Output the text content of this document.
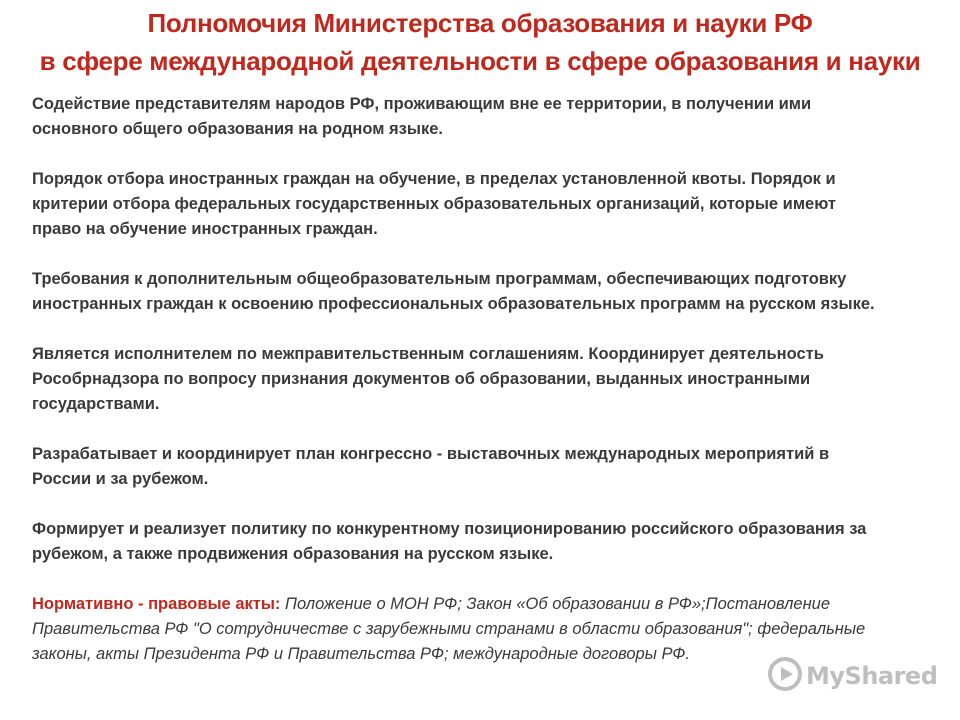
Полномочия Министерства образования и науки РФ
в сфере международной деятельности в сфере образования и науки
Содействие представителям народов РФ, проживающим вне ее территории, в получении ими
основного общего образования на родном языке.
Порядок отбора иностранных граждан на обучение, в пределах установленной квоты. Порядок и
критерии отбора федеральных государственных образовательных организаций, которые имеют
право на обучение иностранных граждан.
Требования к дополнительным общеобразовательным программам, обеспечивающих подготовку
иностранных граждан к освоению профессиональных образовательных программ на русском языке.
Является исполнителем по межправительственным соглашениям. Координирует деятельность
Рособрнадзора по вопросу признания документов об образовании, выданных иностранными
государствами.
Разрабатывает и координирует план конгрессно - выставочных международных мероприятий в
России и за рубежом.
Формирует и реализует политику по конкурентному позиционированию российского образования за
рубежом, а также продвижения образования на русском языке.
Нормативно - правовые акты: Положение о МОН РФ; Закон «Об образовании в РФ»;Постановление
Правительства РФ "О сотрудничестве с зарубежными странами в области образования"; федеральные
законы, акты Президента РФ и Правительства РФ; международные договоры РФ.
MyShared
